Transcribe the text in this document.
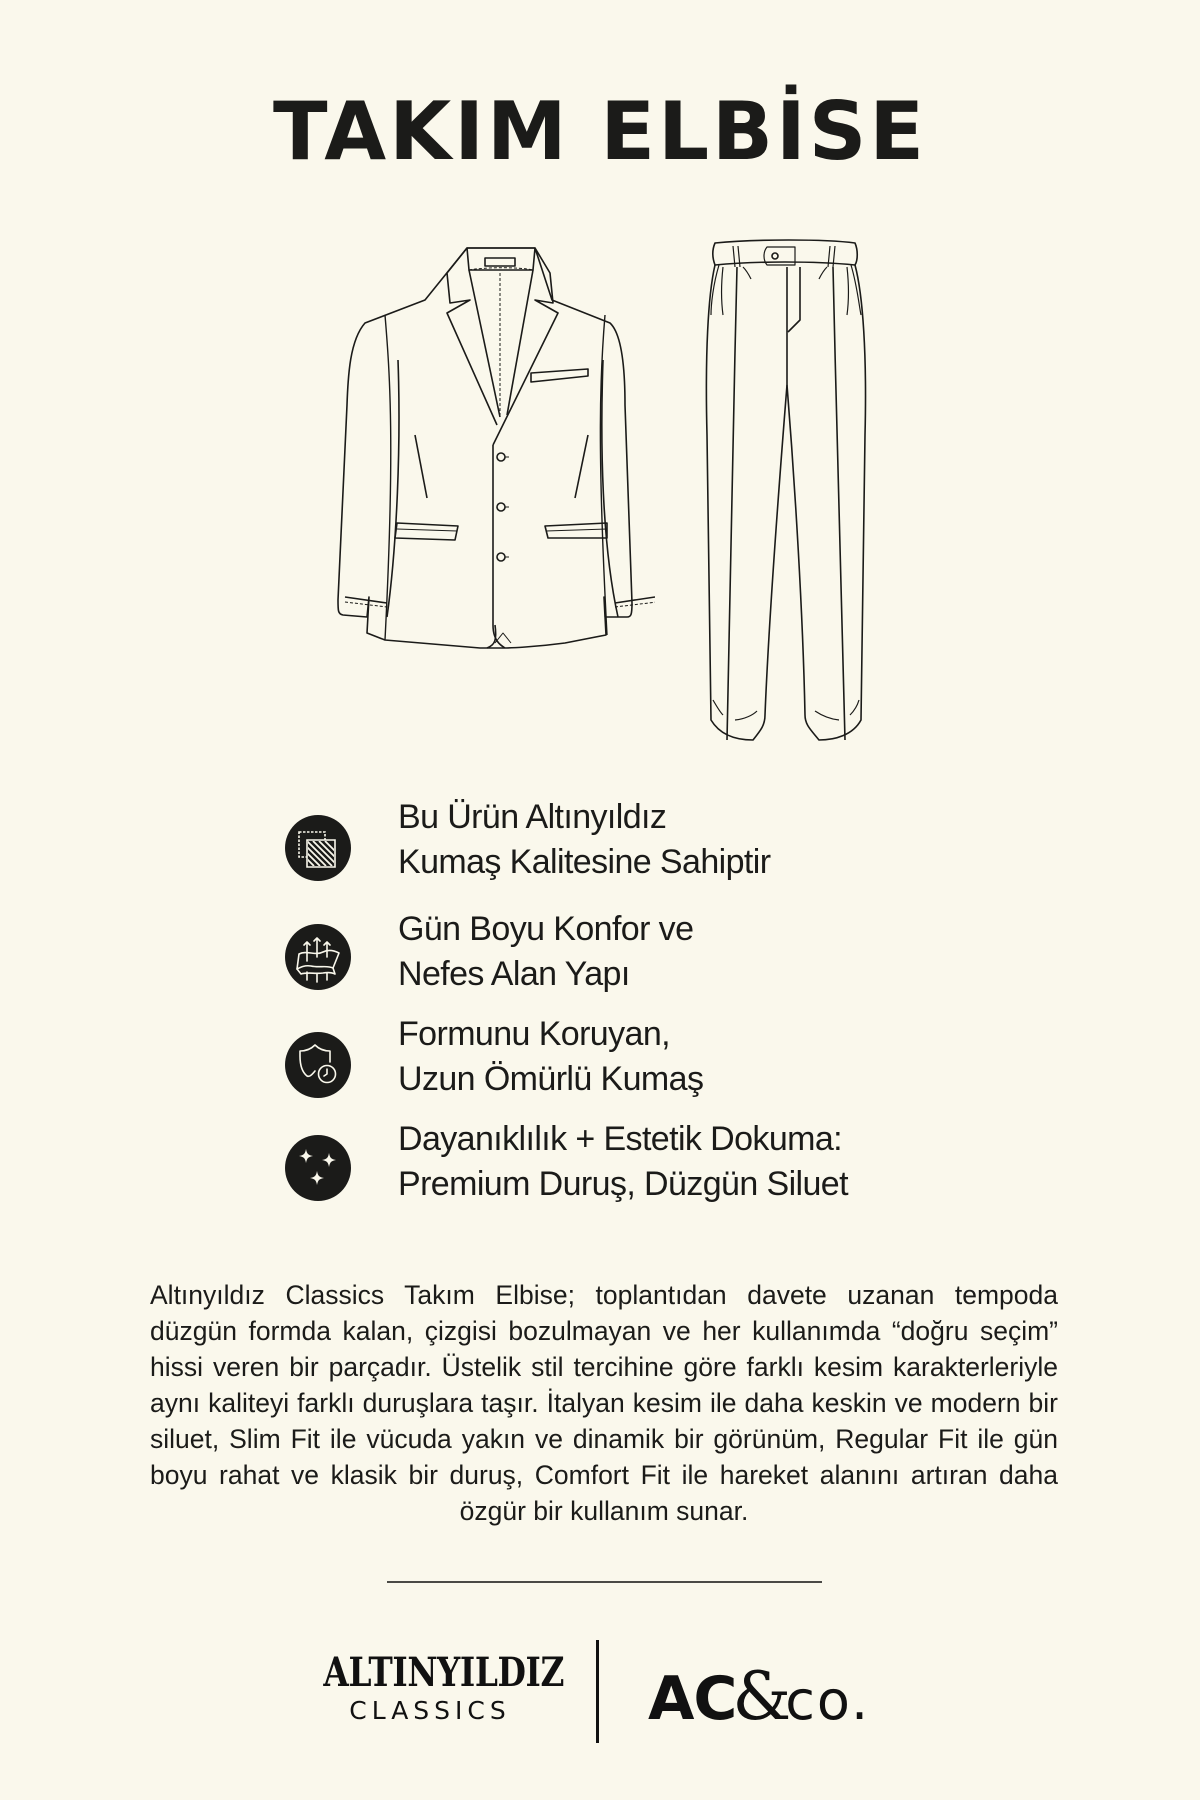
TAKIM ELBİSE
Bu Ürün Altınyıldız
Kumaş Kalitesine Sahiptir
Gün Boyu Konfor ve
Nefes Alan Yapı
Formunu Koruyan,
Uzun Ömürlü Kumaş
Dayanıklılık + Estetik Dokuma:
Premium Duruş, Düzgün Siluet
Altınyıldız Classics Takım Elbise; toplantıdan davete uzanan tempoda düzgün formda kalan, çizgisi bozulmayan ve her kullanımda “doğru seçim” hissi veren bir parçadır. Üstelik stil tercihine göre farklı kesim karakterleriyle aynı kaliteyi farklı duruşlara taşır. İtalyan kesim ile daha keskin ve modern bir siluet, Slim Fit ile vücuda yakın ve dinamik bir görünüm, Regular Fit ile gün boyu rahat ve klasik bir duruş, Comfort Fit ile hareket alanını artıran daha özgür bir kullanım sunar.
ALTINYILDIZ
CLASSICS	AC&co.
